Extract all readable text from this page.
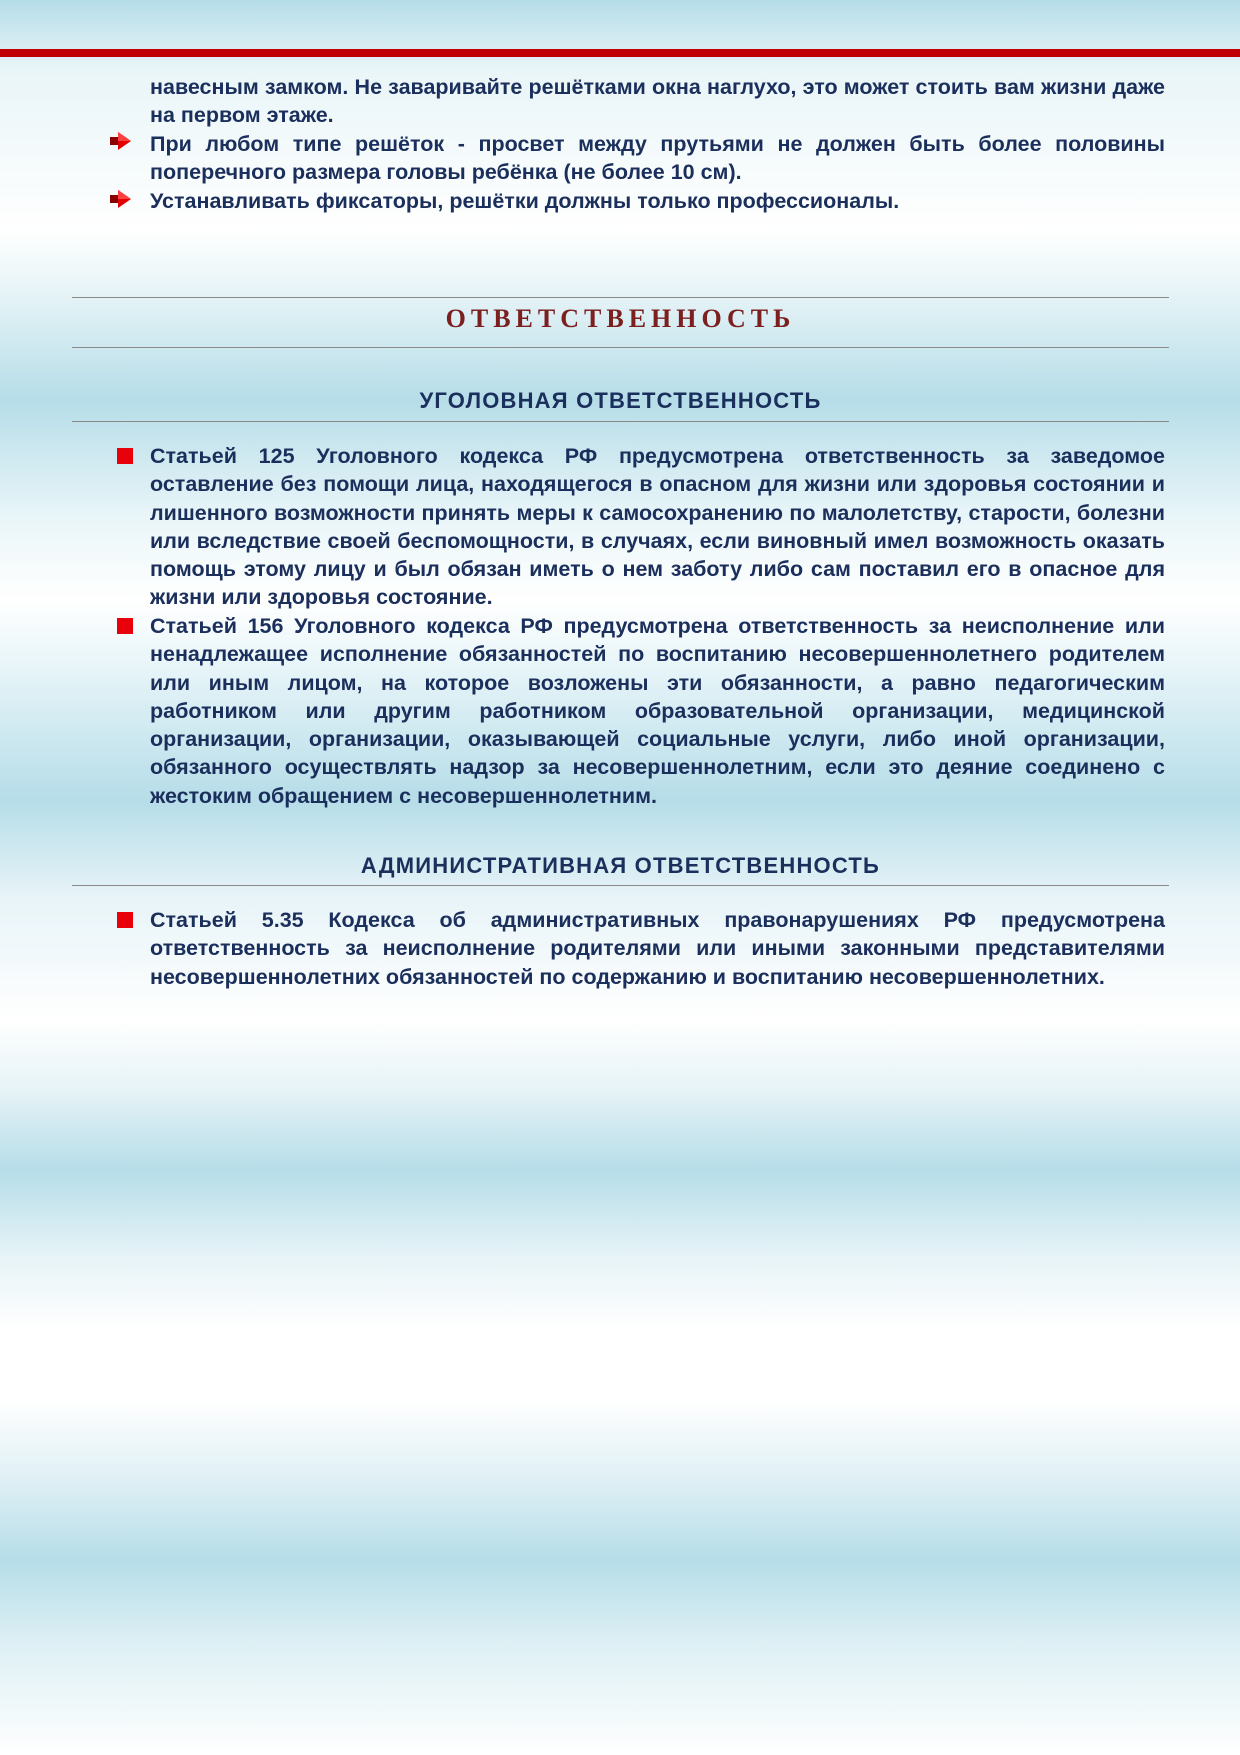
навесным замком. Не заваривайте решётками окна наглухо, это может стоить вам жизни даже на первом этаже.

При любом типе решёток - просвет между прутьями не должен быть более половины поперечного размера головы ребёнка (не более 10 см).

Устанавливать фиксаторы, решётки должны только профессионалы.

ОТВЕТСТВЕННОСТЬ
УГОЛОВНАЯ ОТВЕТСТВЕННОСТЬ

Статьей 125 Уголовного кодекса РФ предусмотрена ответственность за заведомое оставление без помощи лица, находящегося в опасном для жизни или здоровья состоянии и лишенного возможности принять меры к самосохранению по малолетству, старости, болезни или вследствие своей беспомощности, в случаях, если виновный имел возможность оказать помощь этому лицу и был обязан иметь о нем заботу либо сам поставил его в опасное для жизни или здоровья состояние.

Статьей 156 Уголовного кодекса РФ предусмотрена ответственность за неисполнение или ненадлежащее исполнение обязанностей по воспитанию несовершеннолетнего родителем или иным лицом, на которое возложены эти обязанности, а равно педагогическим работником или другим работником образовательной организации, медицинской организации, организации, оказывающей социальные услуги, либо иной организации, обязанного осуществлять надзор за несовершеннолетним, если это деяние соединено с жестоким обращением с несовершеннолетним.

АДМИНИСТРАТИВНАЯ ОТВЕТСТВЕННОСТЬ

Статьей 5.35 Кодекса об административных правонарушениях РФ предусмотрена ответственность за неисполнение родителями или иными законными представителями несовершеннолетних обязанностей по содержанию и воспитанию несовершеннолетних.
